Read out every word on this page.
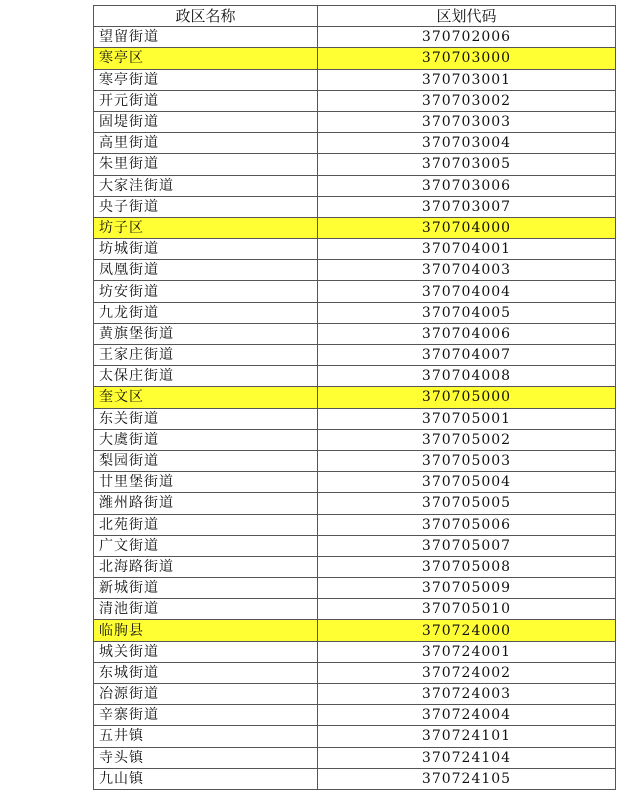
政区名称	区划代码
望留街道	370702006
寒亭区	370703000
寒亭街道	370703001
开元街道	370703002
固堤街道	370703003
高里街道	370703004
朱里街道	370703005
大家洼街道	370703006
央子街道	370703007
坊子区	370704000
坊城街道	370704001
凤凰街道	370704003
坊安街道	370704004
九龙街道	370704005
黄旗堡街道	370704006
王家庄街道	370704007
太保庄街道	370704008
奎文区	370705000
东关街道	370705001
大虞街道	370705002
梨园街道	370705003
廿里堡街道	370705004
潍州路街道	370705005
北苑街道	370705006
广文街道	370705007
北海路街道	370705008
新城街道	370705009
清池街道	370705010
临朐县	370724000
城关街道	370724001
东城街道	370724002
冶源街道	370724003
辛寨街道	370724004
五井镇	370724101
寺头镇	370724104
九山镇	370724105
